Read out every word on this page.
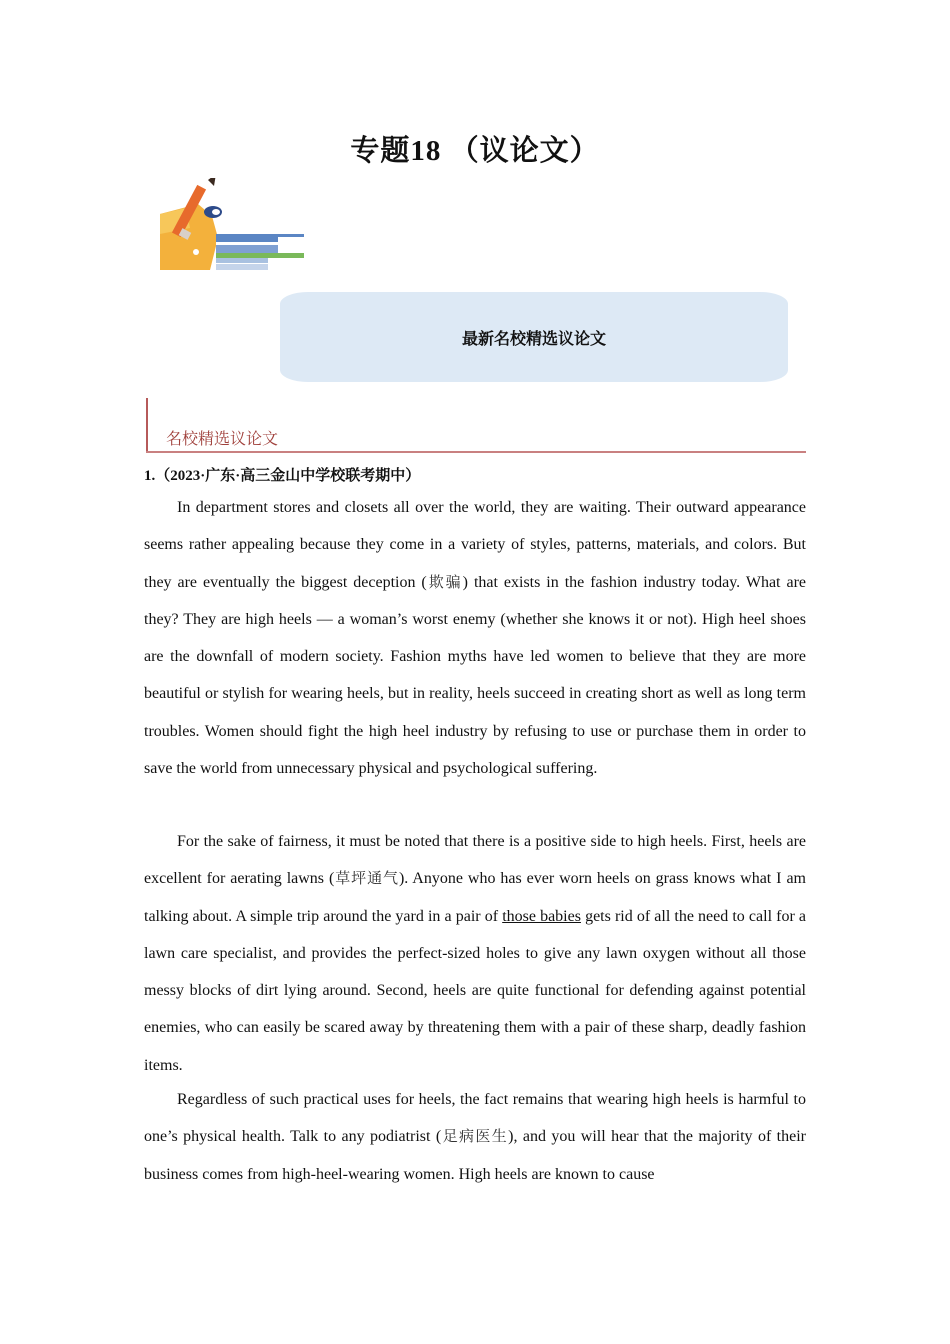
专题18 （议论文）
最新名校精选议论文
名校精选议论文
1.（2023·广东·高三金山中学校联考期中）

In department stores and closets all over the world, they are waiting. Their outward appearance seems rather appealing because they come in a variety of styles, patterns, materials, and colors. But they are eventually the biggest deception (欺骗) that exists in the fashion industry today. What are they? They are high heels — a woman’s worst enemy (whether she knows it or not). High heel shoes are the downfall of modern society. Fashion myths have led women to believe that they are more beautiful or stylish for wearing heels, but in reality, heels succeed in creating short as well as long term troubles. Women should fight the high heel industry by refusing to use or purchase them in order to save the world from unnecessary physical and psychological suffering.

For the sake of fairness, it must be noted that there is a positive side to high heels. First, heels are excellent for aerating lawns (草坪通气). Anyone who has ever worn heels on grass knows what I am talking about. A simple trip around the yard in a pair of those babies gets rid of all the need to call for a lawn care specialist, and provides the perfect-sized holes to give any lawn oxygen without all those messy blocks of dirt lying around. Second, heels are quite functional for defending against potential enemies, who can easily be scared away by threatening them with a pair of these sharp, deadly fashion items.

Regardless of such practical uses for heels, the fact remains that wearing high heels is harmful to one’s physical health. Talk to any podiatrist (足病医生), and you will hear that the majority of their business comes from high-heel-wearing women. High heels are known to cause
